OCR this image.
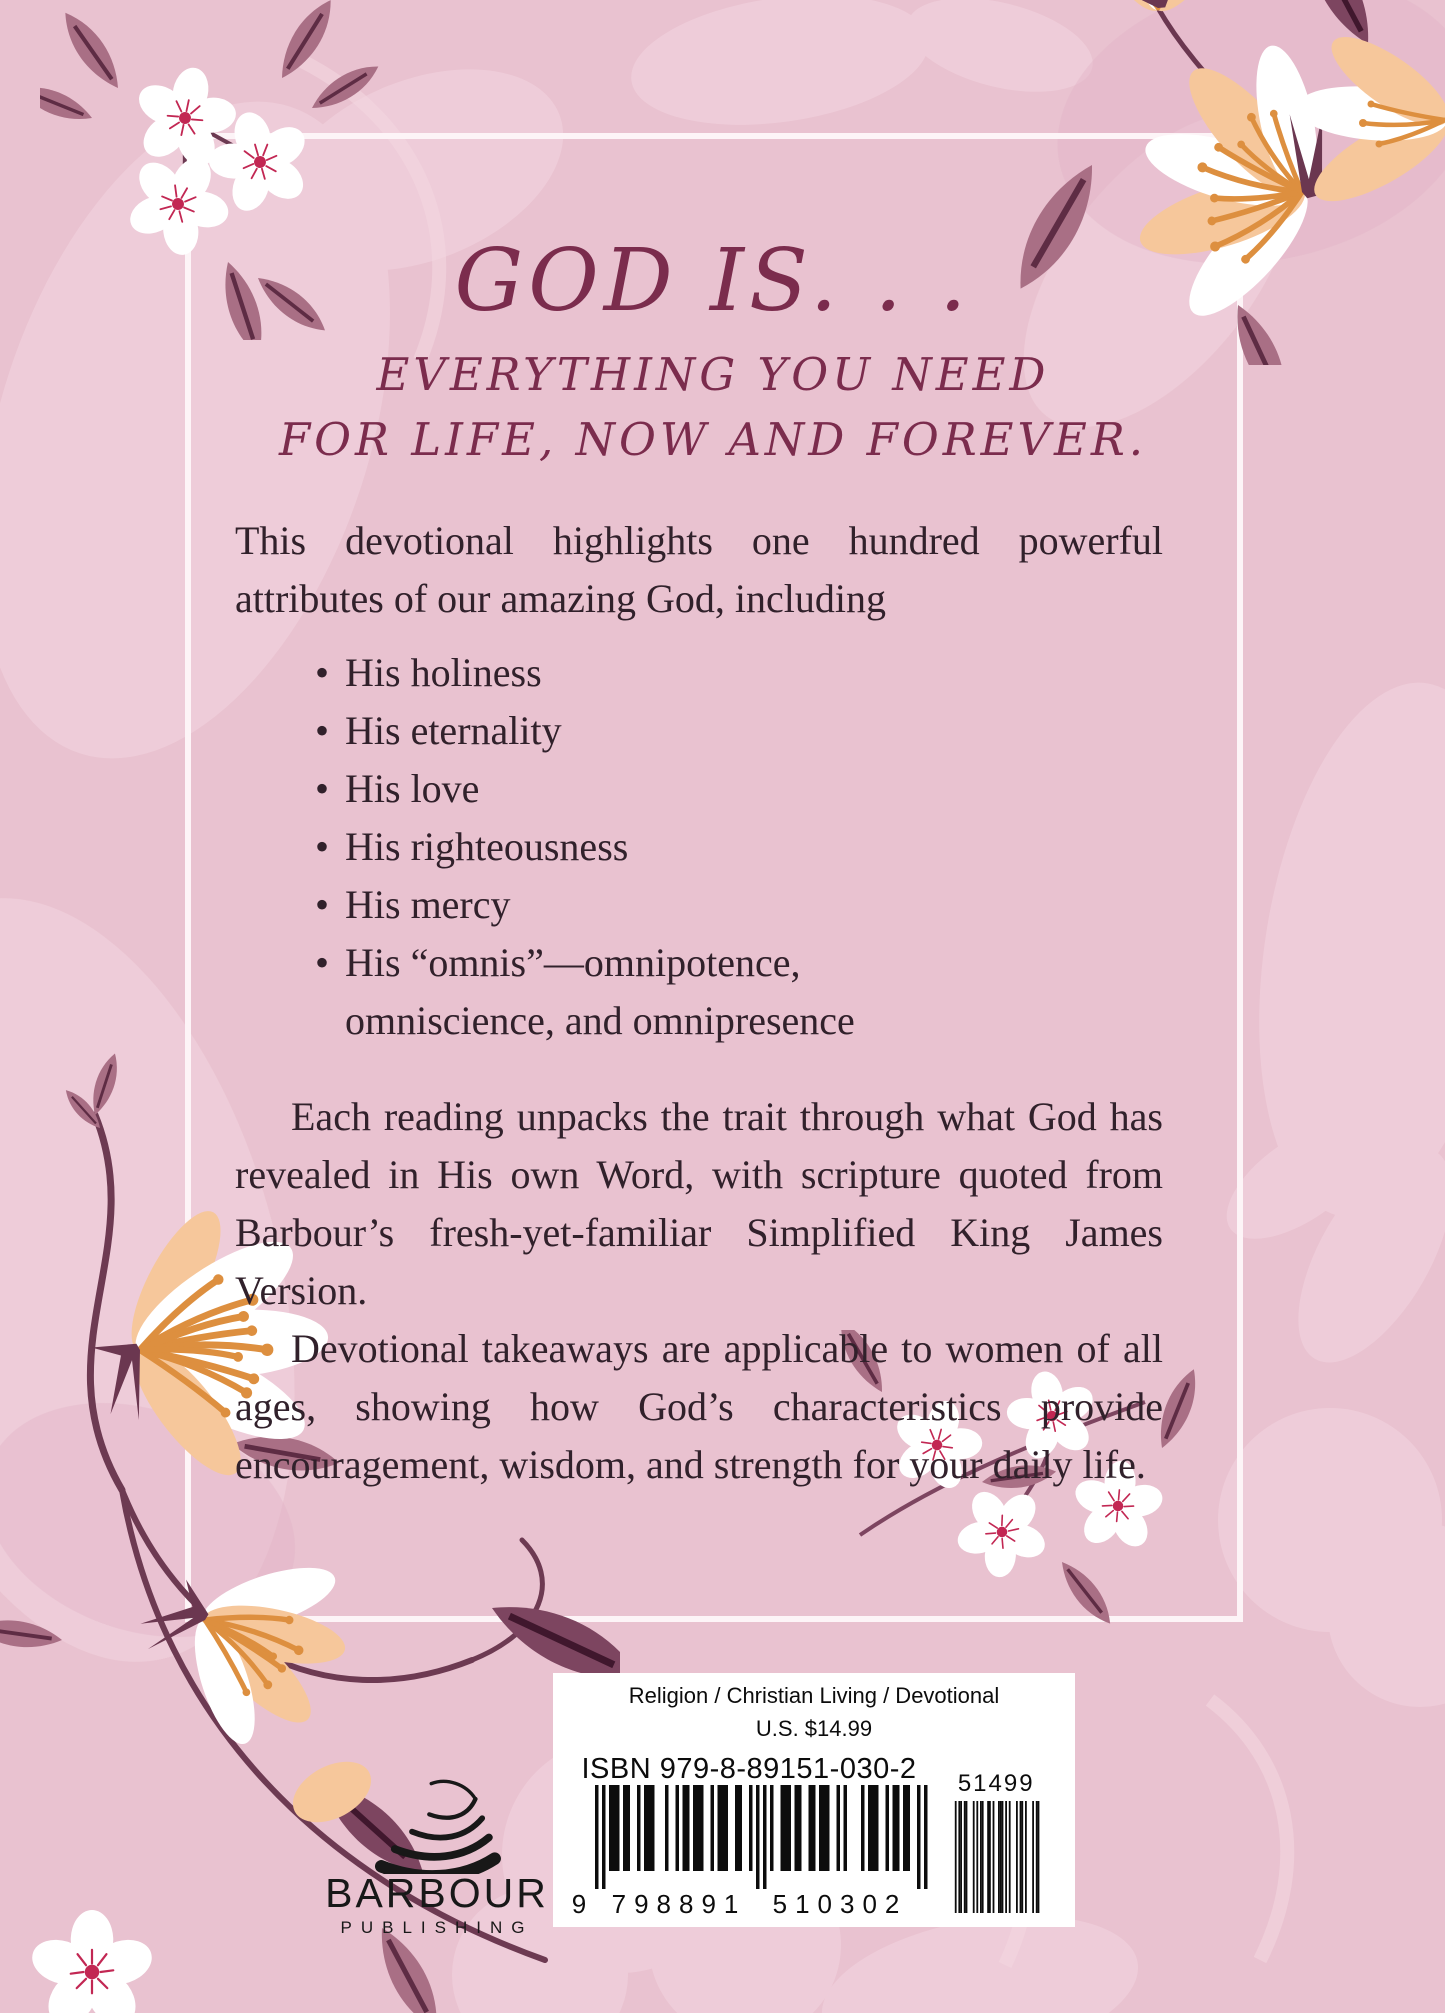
GOD IS. . .
EVERYTHING YOU NEED
FOR LIFE, NOW AND FOREVER.

This devotional highlights one hundred powerful attributes of our amazing God, including

• His holiness
• His eternality
• His love
• His righteousness
• His mercy
• His “omnis”—omnipotence, omniscience, and omnipresence

Each reading unpacks the trait through what God has revealed in His own Word, with scripture quoted from Barbour’s fresh-yet-familiar Simplified King James Version.

Devotional takeaways are applicable to women of all ages, showing how God’s characteristics provide encouragement, wisdom, and strength for your daily life.

Religion / Christian Living / Devotional
U.S. $14.99
ISBN 979-8-89151-030-2
9 798891 510302
51499
BARBOUR
PUBLISHING
